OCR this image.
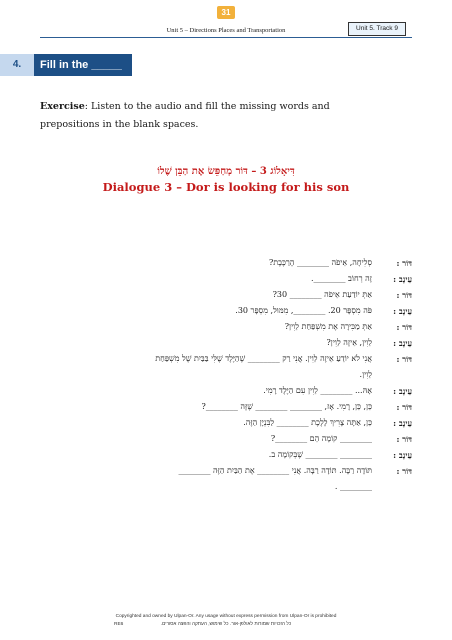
31
Unit 5 – Directions Places and Transportation	Unit 5. Track 9
4.	Fill in the _____
Exercise: Listen to the audio and fill the missing words and prepositions in the blank spaces.
דִּיאָלוֹג 3 – דּוֹר מְחַפֵּשׂ אֶת הַבֵּן שֶׁלוֹ
Dialogue 3 – Dor is looking for his son
דּוֹר :
סְלִיחָה, אֵיפֹה ________ הָרַכֶּבֶת?
עֵינָב :
זֶה רְחוֹב ________.
דּוֹר :
אַתְּ יוֹדַעַת אֵיפֹה ________ 30?
עֵינָב :
פֹּה מִסְפָּר 20. ________, מִמּוּל, מִסְפָּר 30.
דּוֹר :
אַתְּ מַכִּירָה אֶת מִשְׁפַּחַת לֵוִין?
עֵינָב :
לֵוִין, אֵיזֶה לֵוִין?
דּוֹר :
אֲנִי לֹא יוֹדֵעַ אֵיזֶה לֵוִין. אֲנִי רַק ________ שֶׁהַיֶּלֶד שֶׁלִּי בַּבַּיִת שֶׁל מִשְׁפַּחַת
לֵוִין.
עֵינָב :
אָהּ... ________ לֵוִין עִם הַיֶּלֶד רָמִי.
דּוֹר :
כֵּן, כֵּן, רָמִי. אָז, ________ ________ שֶׁזֶּה ________?
עֵינָב :
כֵּן, אַתָּה צָרִיךְ לָלֶכֶת ________ לַבִּנְיָן הַזֶּה.
דּוֹר :
________ קוֹמָה הֵם ________?
עֵינָב :
________ ________ שֶׁבְּקוֹמָה ב.
דּוֹר :
תּוֹדָה רַבָּה. תּוֹדָה רַבָּה. אֲנִי ________ אֶת הַבַּיִת הַזֶּה ________
________ .
Copyrighted and owned by Ulpan-Or. Any usage without express permission from Ulpan-Or is prohibited
RE6	כל הזכויות שמורות לאולפן-אור. כל שימוש, העתקה והפצה אסורים.
